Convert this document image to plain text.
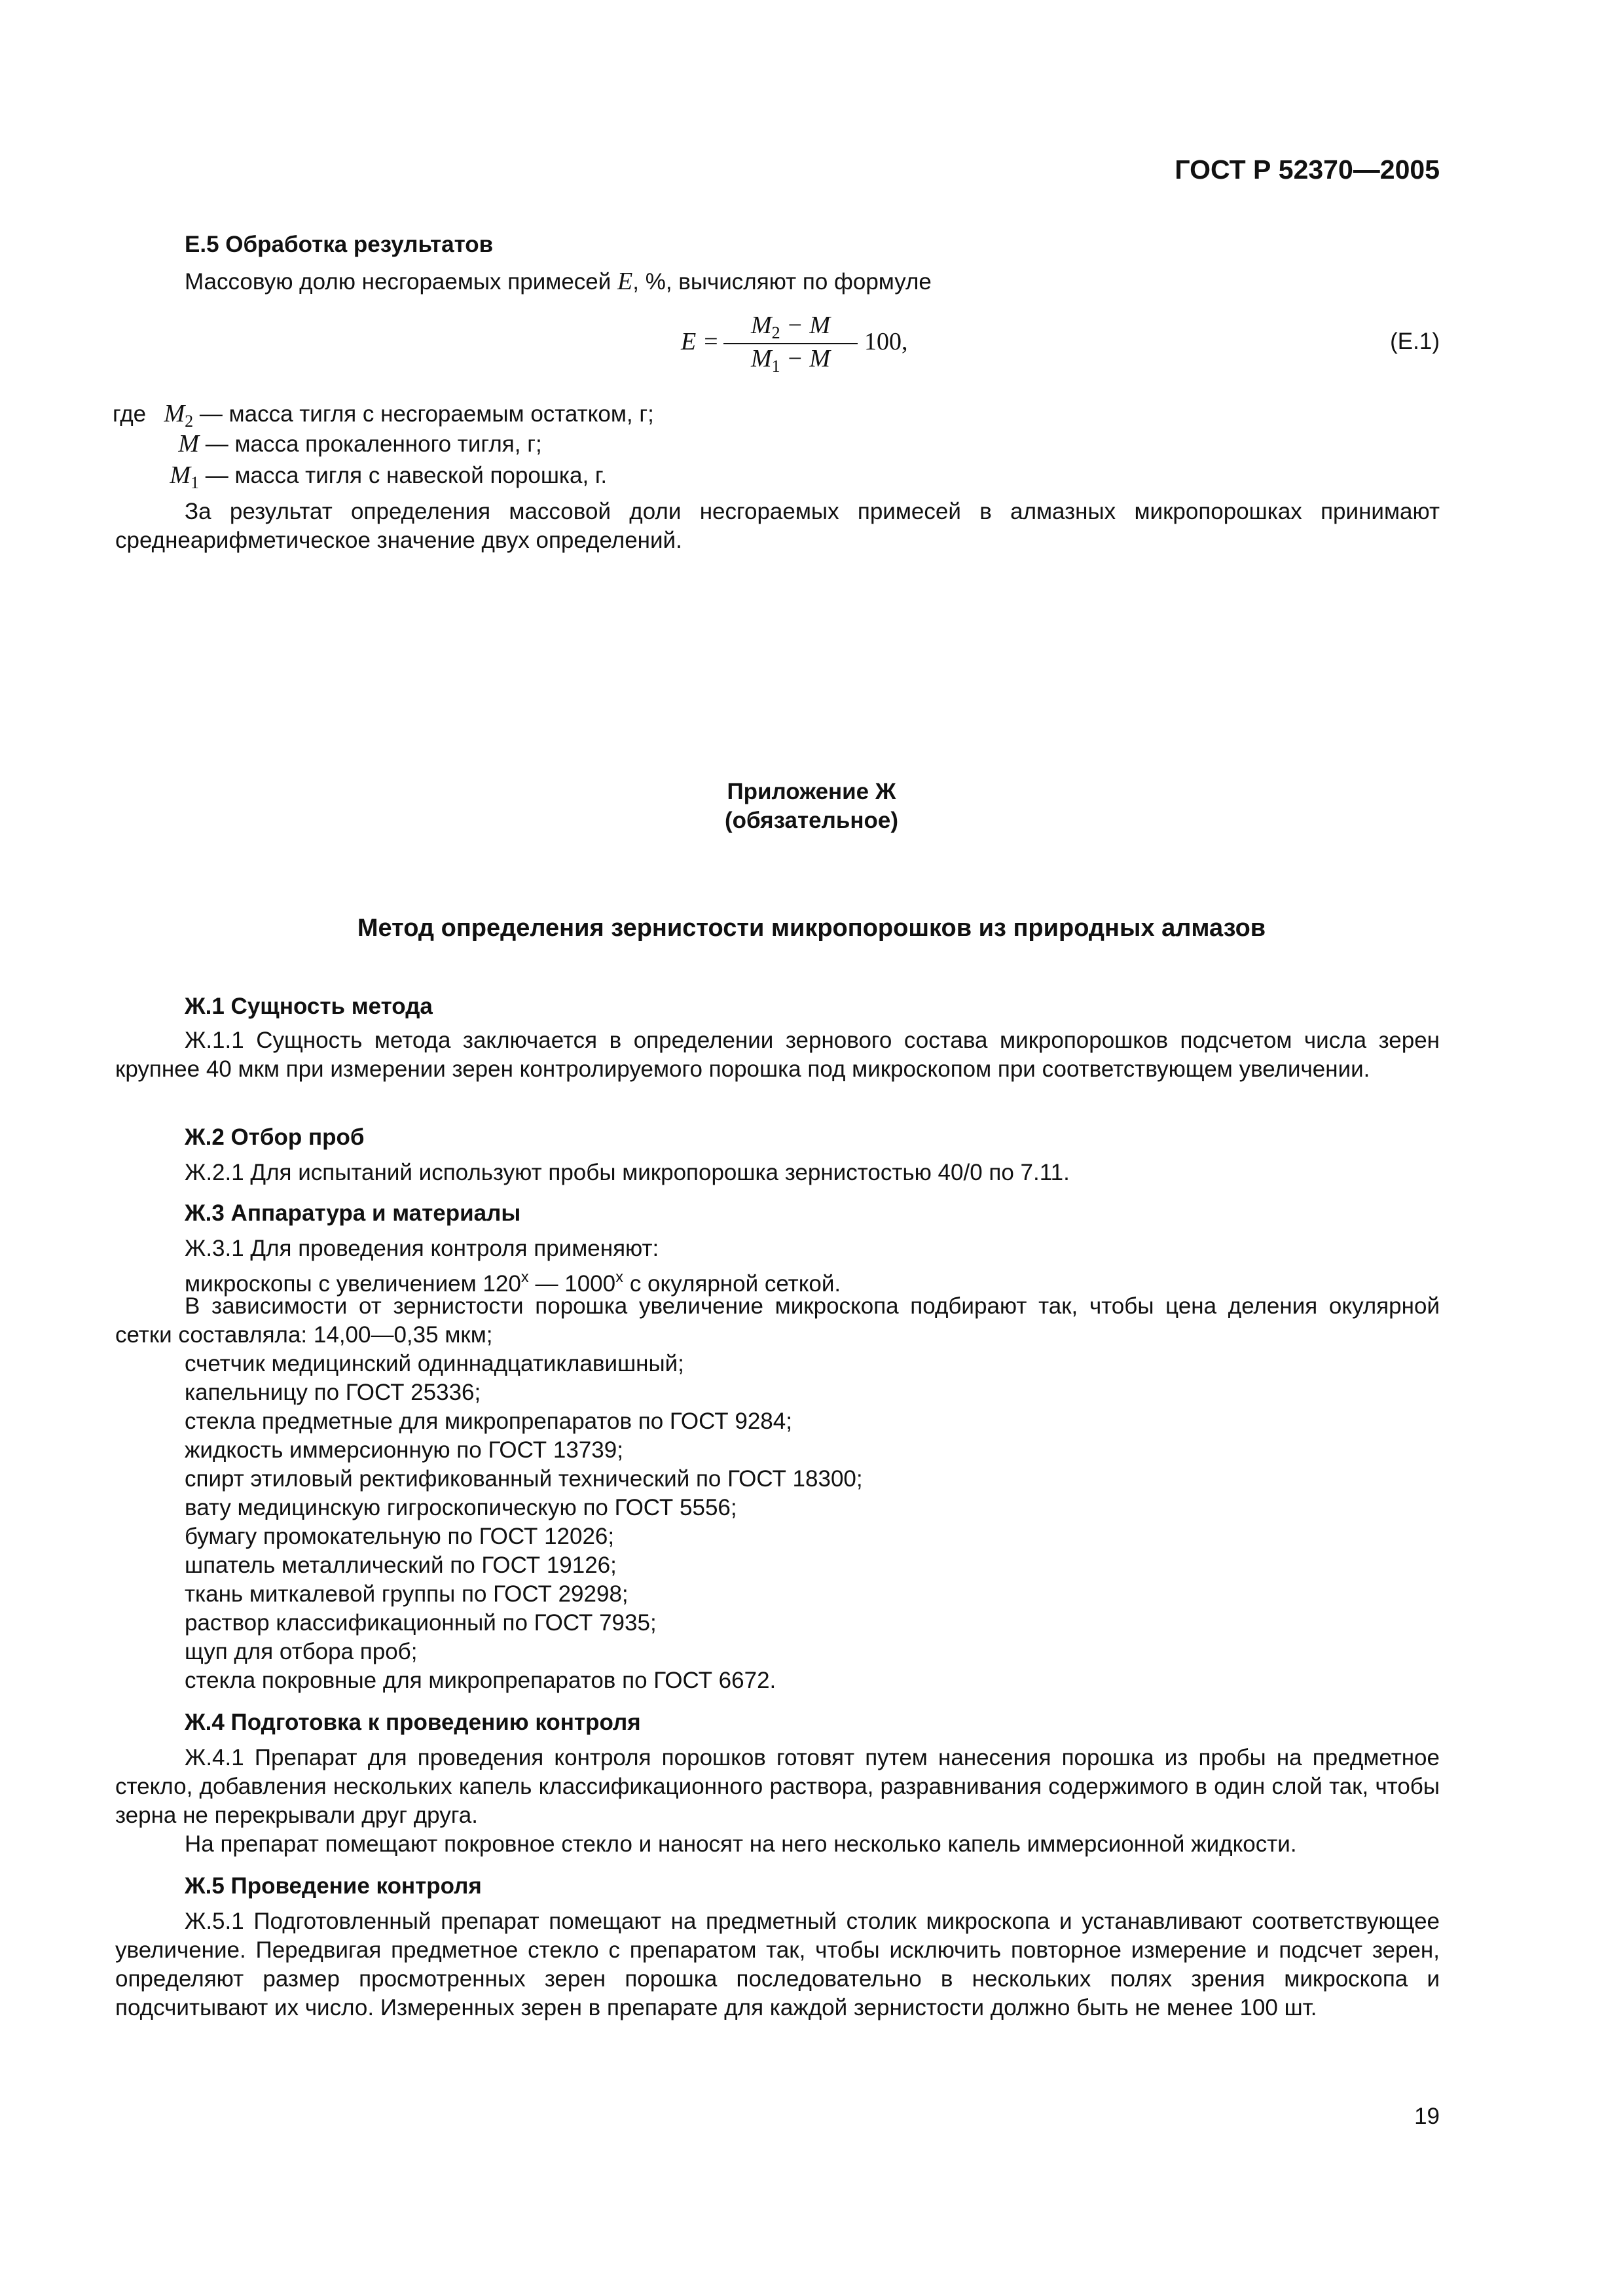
ГОСТ Р 52370—2005
Е.5 Обработка результатов
Массовую долю несгораемых примесей E, %, вычисляют по формуле
E =
$M_2 - M$
$M_1 - M$
100,	(Е.1)
где $M_2$ — масса тигля с несгораемым остатком, г;
M — масса прокаленного тигля, г;
$M_1$ — масса тигля с навеской порошка, г.
За результат определения массовой доли несгораемых примесей в алмазных микропорошках принимают среднеарифметическое значение двух определений.
Приложение Ж
(обязательное)
Метод определения зернистости микропорошков из природных алмазов
Ж.1 Сущность метода
Ж.1.1 Сущность метода заключается в определении зернового состава микропорошков подсчетом числа зерен крупнее 40 мкм при измерении зерен контролируемого порошка под микроскопом при соответствующем увеличении.
Ж.2 Отбор проб
Ж.2.1 Для испытаний используют пробы микропорошка зернистостью 40/0 по 7.11.
Ж.3 Аппаратура и материалы
Ж.3.1 Для проведения контроля применяют:
микроскопы с увеличением 120$^x$ — 1000$^x$ с окулярной сеткой.
В зависимости от зернистости порошка увеличение микроскопа подбирают так, чтобы цена деления окулярной сетки составляла: 14,00—0,35 мкм;
счетчик медицинский одиннадцатиклавишный;
капельницу по ГОСТ 25336;
стекла предметные для микропрепаратов по ГОСТ 9284;
жидкость иммерсионную по ГОСТ 13739;
спирт этиловый ректификованный технический по ГОСТ 18300;
вату медицинскую гигроскопическую по ГОСТ 5556;
бумагу промокательную по ГОСТ 12026;
шпатель металлический по ГОСТ 19126;
ткань миткалевой группы по ГОСТ 29298;
раствор классификационный по ГОСТ 7935;
щуп для отбора проб;
стекла покровные для микропрепаратов по ГОСТ 6672.
Ж.4 Подготовка к проведению контроля
Ж.4.1 Препарат для проведения контроля порошков готовят путем нанесения порошка из пробы на предметное стекло, добавления нескольких капель классификационного раствора, разравнивания содержимого в один слой так, чтобы зерна не перекрывали друг друга.
На препарат помещают покровное стекло и наносят на него несколько капель иммерсионной жидкости.
Ж.5 Проведение контроля
Ж.5.1 Подготовленный препарат помещают на предметный столик микроскопа и устанавливают соответствующее увеличение. Передвигая предметное стекло с препаратом так, чтобы исключить повторное измерение и подсчет зерен, определяют размер просмотренных зерен порошка последовательно в нескольких полях зрения микроскопа и подсчитывают их число. Измеренных зерен в препарате для каждой зернистости должно быть не менее 100 шт.
19
